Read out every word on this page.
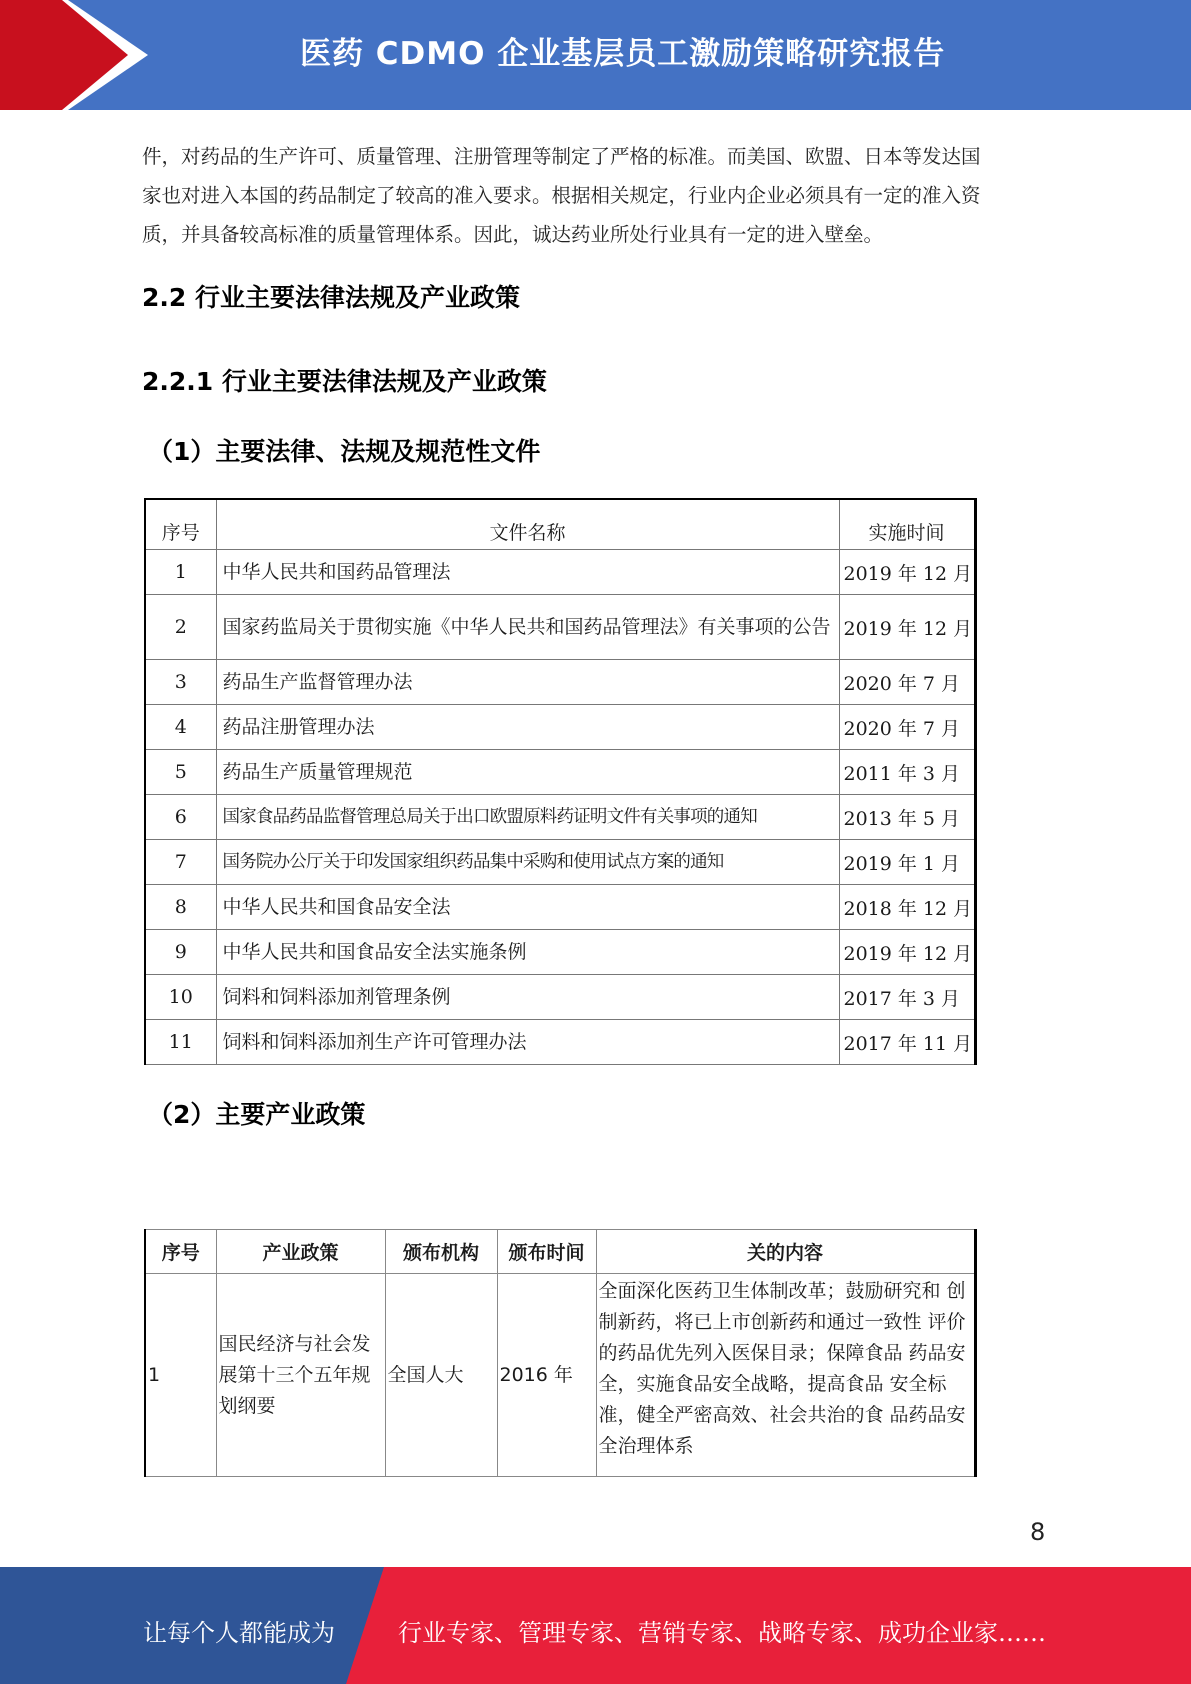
医药 CDMO 企业基层员工激励策略研究报告

件，对药品的生产许可、质量管理、注册管理等制定了严格的标准。而美国、欧盟、日本等发达国

家也对进入本国的药品制定了较高的准入要求。根据相关规定，行业内企业必须具有一定的准入资

质，并具备较高标准的质量管理体系。因此，诚达药业所处行业具有一定的进入壁垒。

2.2 行业主要法律法规及产业政策
2.2.1 行业主要法律法规及产业政策
（1）主要法律、法规及规范性文件
序号	文件名称	实施时间
1	中华人民共和国药品管理法	2019 年 12 月
2	国家药监局关于贯彻实施《中华人民共和国药品管理法》有关事项的公告	2019 年 12 月
3	药品生产监督管理办法	2020 年 7 月
4	药品注册管理办法	2020 年 7 月
5	药品生产质量管理规范	2011 年 3 月
6	国家食品药品监督管理总局关于出口欧盟原料药证明文件有关事项的通知	2013 年 5 月
7	国务院办公厅关于印发国家组织药品集中采购和使用试点方案的通知	2019 年 1 月
8	中华人民共和国食品安全法	2018 年 12 月
9	中华人民共和国食品安全法实施条例	2019 年 12 月
10	饲料和饲料添加剂管理条例	2017 年 3 月
11	饲料和饲料添加剂生产许可管理办法	2017 年 11 月
（2）主要产业政策
序号	产业政策	颁布机构	颁布时间	关的内容
1	国民经济与社会发展第十三个五年规划纲要	全国人大	2016 年	全面深化医药卫生体制改革；鼓励研究和 创制新药，将已上市创新药和通过一致性 评价的药品优先列入医保目录；保障食品 药品安全，实施食品安全战略，提高食品 安全标准，健全严密高效、社会共治的食 品药品安全治理体系
8
让每个人都能成为	行业专家、管理专家、营销专家、战略专家、成功企业家……
